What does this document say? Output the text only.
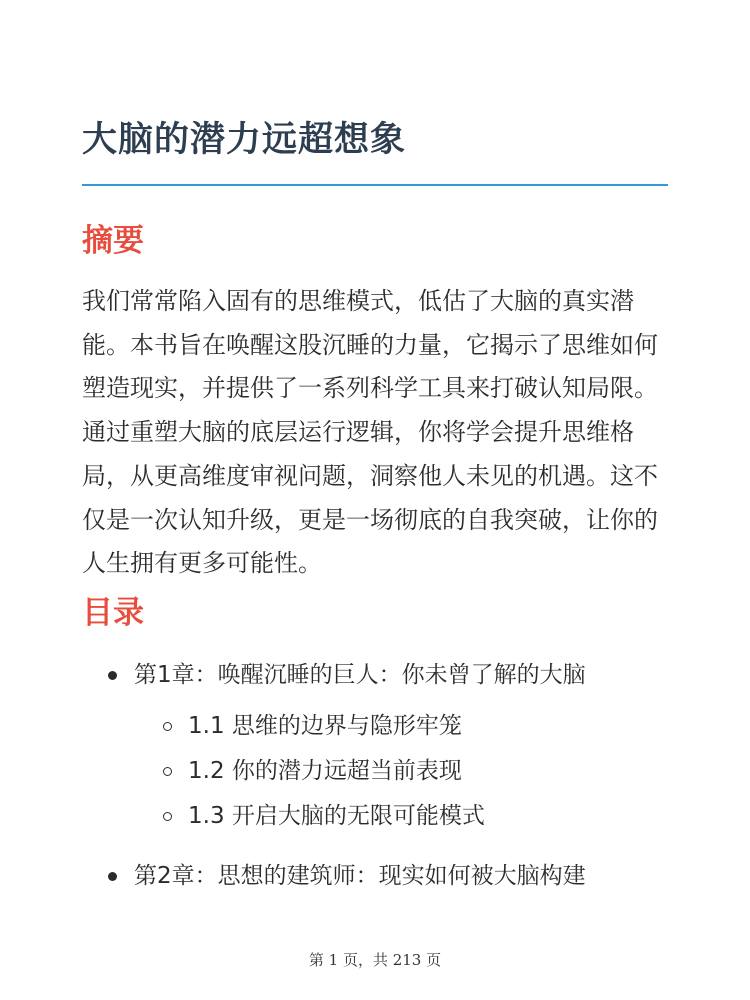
大脑的潜力远超想象
摘要

我们常常陷入固有的思维模式，低估了大脑的真实潜能。本书旨在唤醒这股沉睡的力量，它揭示了思维如何塑造现实，并提供了一系列科学工具来打破认知局限。通过重塑大脑的底层运行逻辑，你将学会提升思维格局，从更高维度审视问题，洞察他人未见的机遇。这不仅是一次认知升级，更是一场彻底的自我突破，让你的人生拥有更多可能性。

目录
第1章：唤醒沉睡的巨人：你未曾了解的大脑
1.1 思维的边界与隐形牢笼
1.2 你的潜力远超当前表现
1.3 开启大脑的无限可能模式
第2章：思想的建筑师：现实如何被大脑构建
第 1 页，共 213 页
